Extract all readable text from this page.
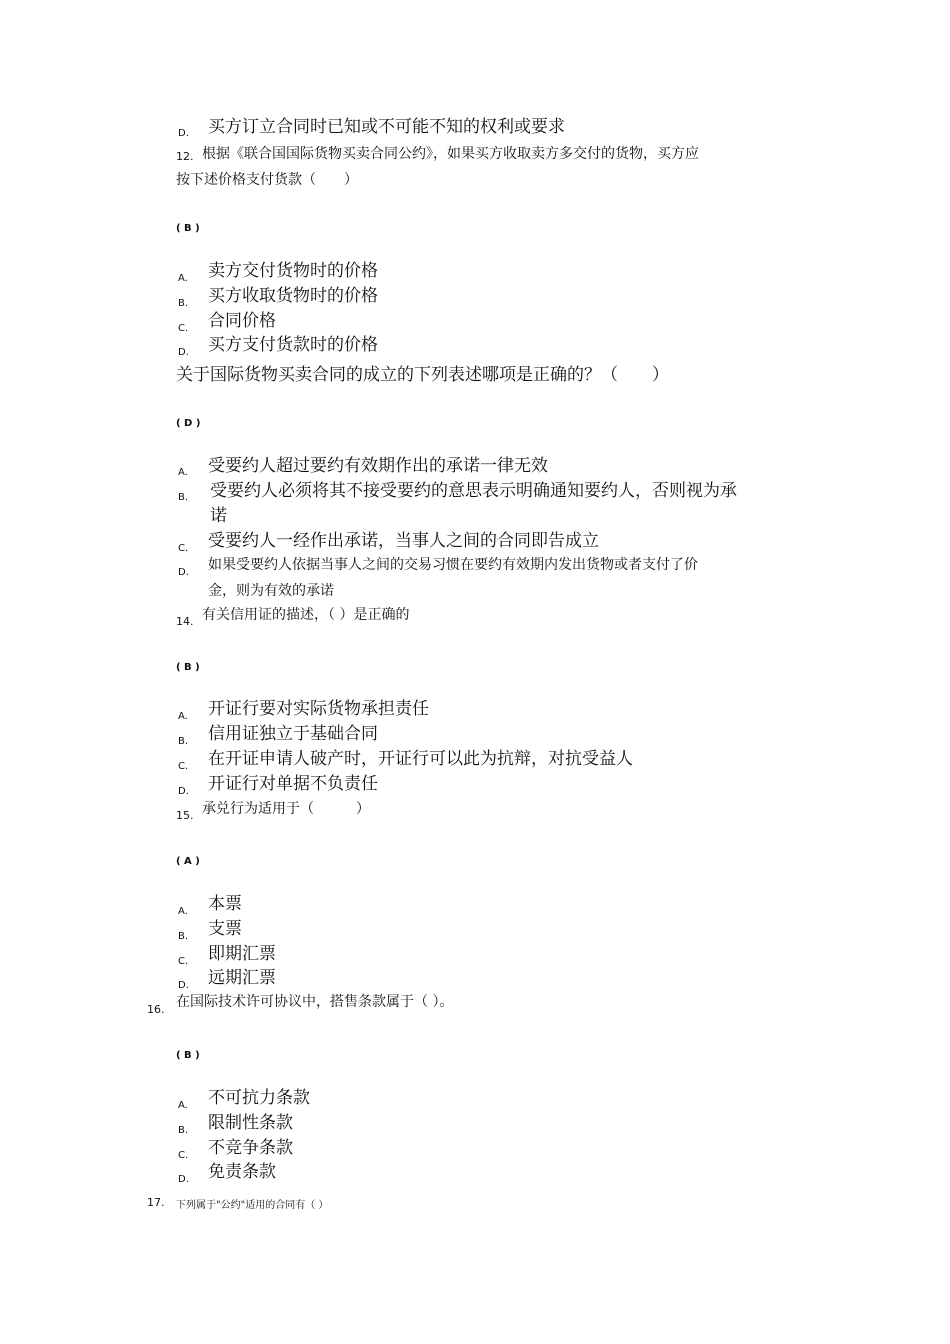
D. 买方订立合同时已知或不可能不知的权利或要求
12. 根据《联合国国际货物买卖合同公约》，如果买方收取卖方多交付的货物，买方应
按下述价格支付货款（　　）
( B )
A. 卖方交付货物时的价格
B. 买方收取货物时的价格
C. 合同价格
D. 买方支付货款时的价格
关于国际货物买卖合同的成立的下列表述哪项是正确的？（　　）
( D )
A. 受要约人超过要约有效期作出的承诺一律无效
B. 受要约人必须将其不接受要约的意思表示明确通知要约人，否则视为承
诺
C. 受要约人一经作出承诺，当事人之间的合同即告成立
D. 如果受要约人依据当事人之间的交易习惯在要约有效期内发出货物或者支付了价
金，则为有效的承诺
14. 有关信用证的描述，（ ）是正确的
( B )
A. 开证行要对实际货物承担责任
B. 信用证独立于基础合同
C. 在开证申请人破产时，开证行可以此为抗辩，对抗受益人
D. 开证行对单据不负责任
15. 承兑行为适用于（　　　）
( A )
A. 本票
B. 支票
C. 即期汇票
D. 远期汇票
16. 在国际技术许可协议中，搭售条款属于（ ）。
( B )
A. 不可抗力条款
B. 限制性条款
C. 不竞争条款
D. 免责条款
17. 下列属于"公约"适用的合同有（ ）
